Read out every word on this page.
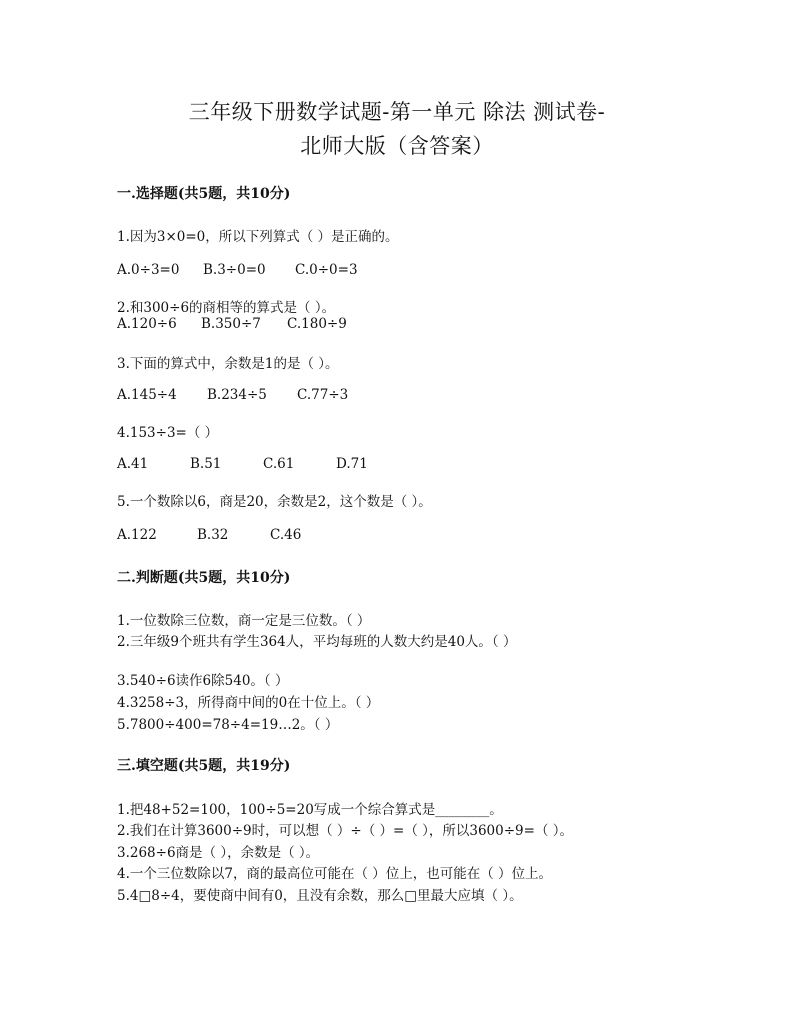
三年级下册数学试题-第一单元 除法 测试卷-
北师大版（含答案）
一.选择题(共5题，共10分)
1.因为3×0=0，所以下列算式（ ）是正确的。
A.0÷3=0 B.3÷0=0 C.0÷0=3
2.和300÷6的商相等的算式是（ ）。
A.120÷6 B.350÷7 C.180÷9
3.下面的算式中，余数是1的是（ ）。
A.145÷4 B.234÷5 C.77÷3
4.153÷3=（ ）
A.41	B.51	C.61	D.71
5.一个数除以6，商是20，余数是2，这个数是（ ）。
A.122	B.32	C.46
二.判断题(共5题，共10分)
1.一位数除三位数，商一定是三位数。（ ）
2.三年级9个班共有学生364人，平均每班的人数大约是40人。（ ）
3.540÷6读作6除540。（ ）
4.3258÷3，所得商中间的0在十位上。（ ）
5.7800÷400=78÷4=19…2。（ ）
三.填空题(共5题，共19分)
1.把48+52=100，100÷5=20写成一个综合算式是________。
2.我们在计算3600÷9时，可以想（ ）÷（ ）=（ ），所以3600÷9=（ ）。
3.268÷6商是（ ），余数是（ ）。
4.一个三位数除以7，商的最高位可能在（ ）位上，也可能在（ ）位上。
5.4□8÷4，要使商中间有0，且没有余数，那么□里最大应填（ ）。
